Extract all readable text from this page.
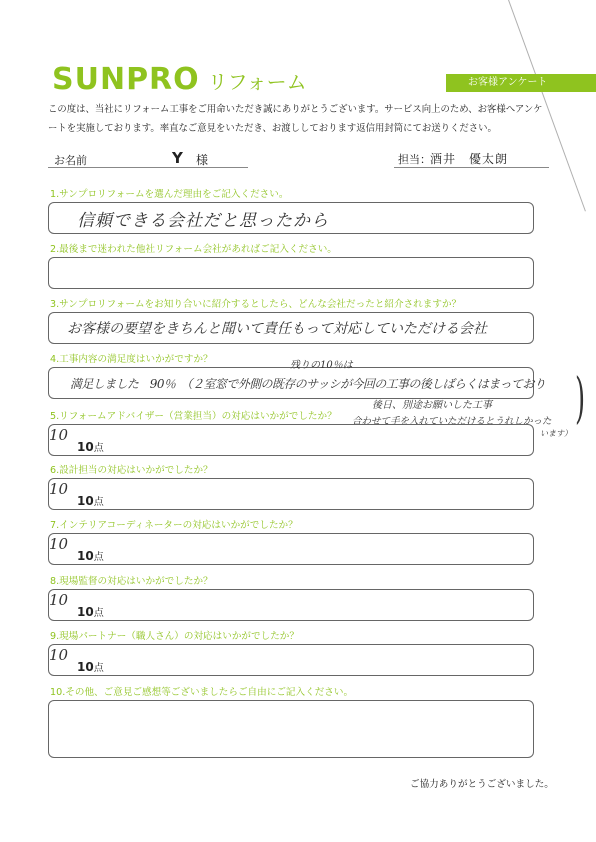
SUNPRO リフォーム	お客様アンケート
この度は、当社にリフォーム工事をご用命いただき誠にありがとうございます。サービス向上のため、お客様へアンケートを実施しております。率直なご意見をいただき、お渡ししております返信用封筒にてお送りください。
お名前	Y 様	担当： 酒井　優太朗
1.サンプロリフォームを選んだ理由をご記入ください。
信頼できる会社だと思ったから
2.最後まで迷われた他社リフォーム会社があればご記入ください。
3.サンプロリフォームをお知り合いに紹介するとしたら、どんな会社だったと紹介されますか？
お客様の要望をきちんと聞いて責任もって対応していただける会社
4.工事内容の満足度はいかがですか？
残りの10％は
満足しました　90％　（２室窓で外側の既存のサッシが今回の工事の後しばらくはまっており
後日、別途お願いした工事
合わせて手を入れていただけるとうれしかった
います）
)
5.リフォームアドバイザー（営業担当）の対応はいかがでしたか？
10
10点
6.設計担当の対応はいかがでしたか？
10
10点
7.インテリアコーディネーターの対応はいかがでしたか？
10
10点
8.現場監督の対応はいかがでしたか？
10
10点
9.現場パートナー（職人さん）の対応はいかがでしたか？
10
10点
10.その他、ご意見ご感想等ございましたらご自由にご記入ください。
ご協力ありがとうございました。
